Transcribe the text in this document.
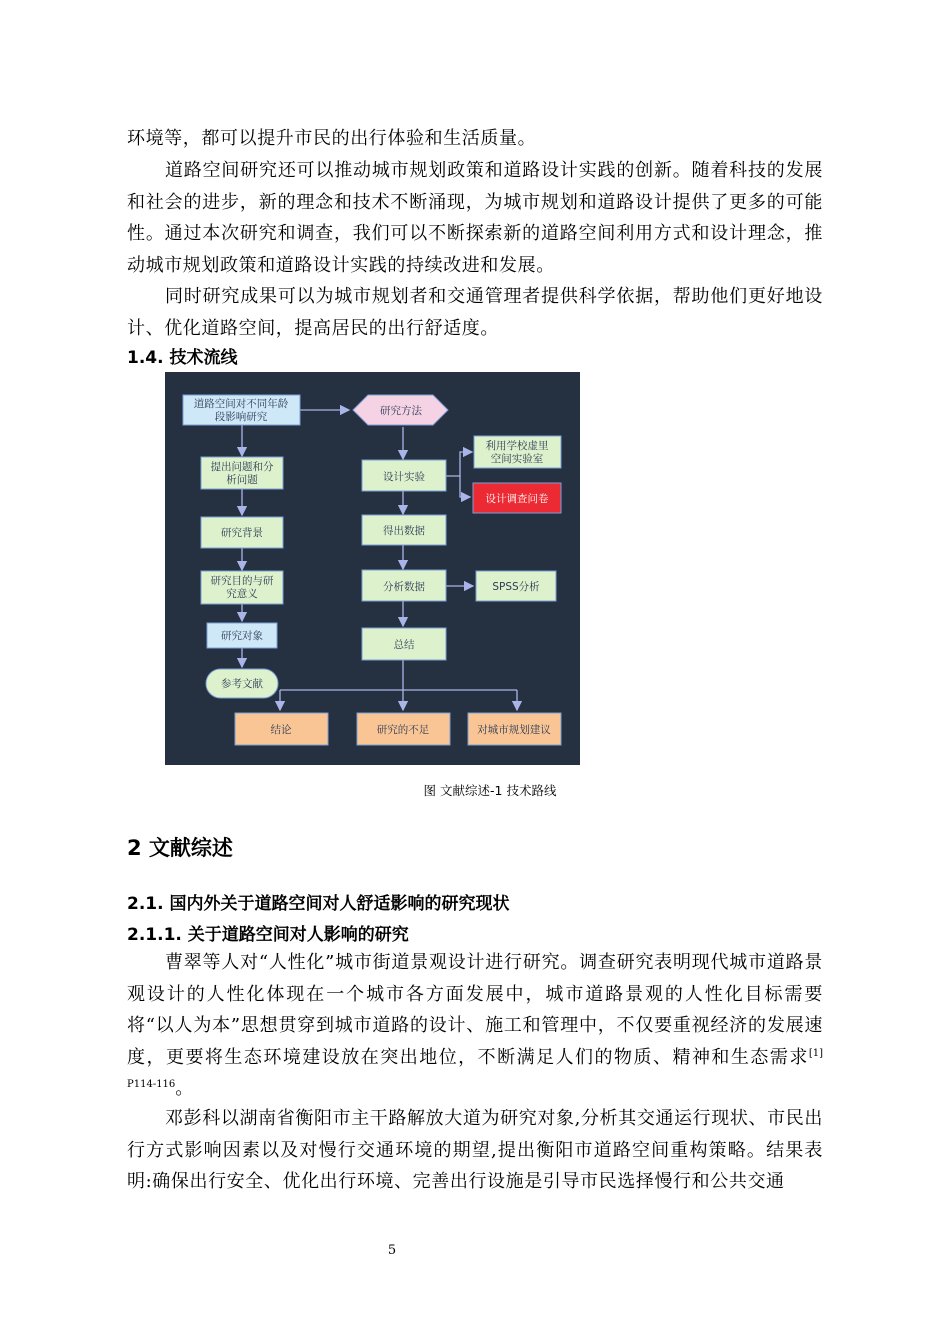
环境等，都可以提升市民的出行体验和生活质量。

道路空间研究还可以推动城市规划政策和道路设计实践的创新。随着科技的发展和社会的进步，新的理念和技术不断涌现，为城市规划和道路设计提供了更多的可能性。通过本次研究和调查，我们可以不断探索新的道路空间利用方式和设计理念，推动城市规划政策和道路设计实践的持续改进和发展。

同时研究成果可以为城市规划者和交通管理者提供科学依据，帮助他们更好地设计、优化道路空间，提高居民的出行舒适度。

1.4. 技术流线
道路空间对不同年龄
段影响研究	研究方法
提出问题和分
析问题
研究背景
研究目的与研
究意义
研究对象
参考文献
设计实验
利用学校虚里
空间实验室
设计调查问卷
得出数据
分析数据	SPSS分析
总结
结论	研究的不足	对城市规划建议
图 文献综述-1 技术路线
2 文献综述
2.1. 国内外关于道路空间对人舒适影响的研究现状
2.1.1. 关于道路空间对人影响的研究

曹翠等人对“人性化”城市街道景观设计进行研究。调查研究表明现代城市道路景观设计的人性化体现在一个城市各方面发展中，城市道路景观的人性化目标需要将“以人为本”思想贯穿到城市道路的设计、施工和管理中，不仅要重视经济的发展速度，更要将生态环境建设放在突出地位，不断满足人们的物质、精神和生态需求$^{[1] P114-116}$。

邓彭科以湖南省衡阳市主干路解放大道为研究对象,分析其交通运行现状、市民出行方式影响因素以及对慢行交通环境的期望,提出衡阳市道路空间重构策略。结果表明:确保出行安全、优化出行环境、完善出行设施是引导市民选择慢行和公共交通

5
